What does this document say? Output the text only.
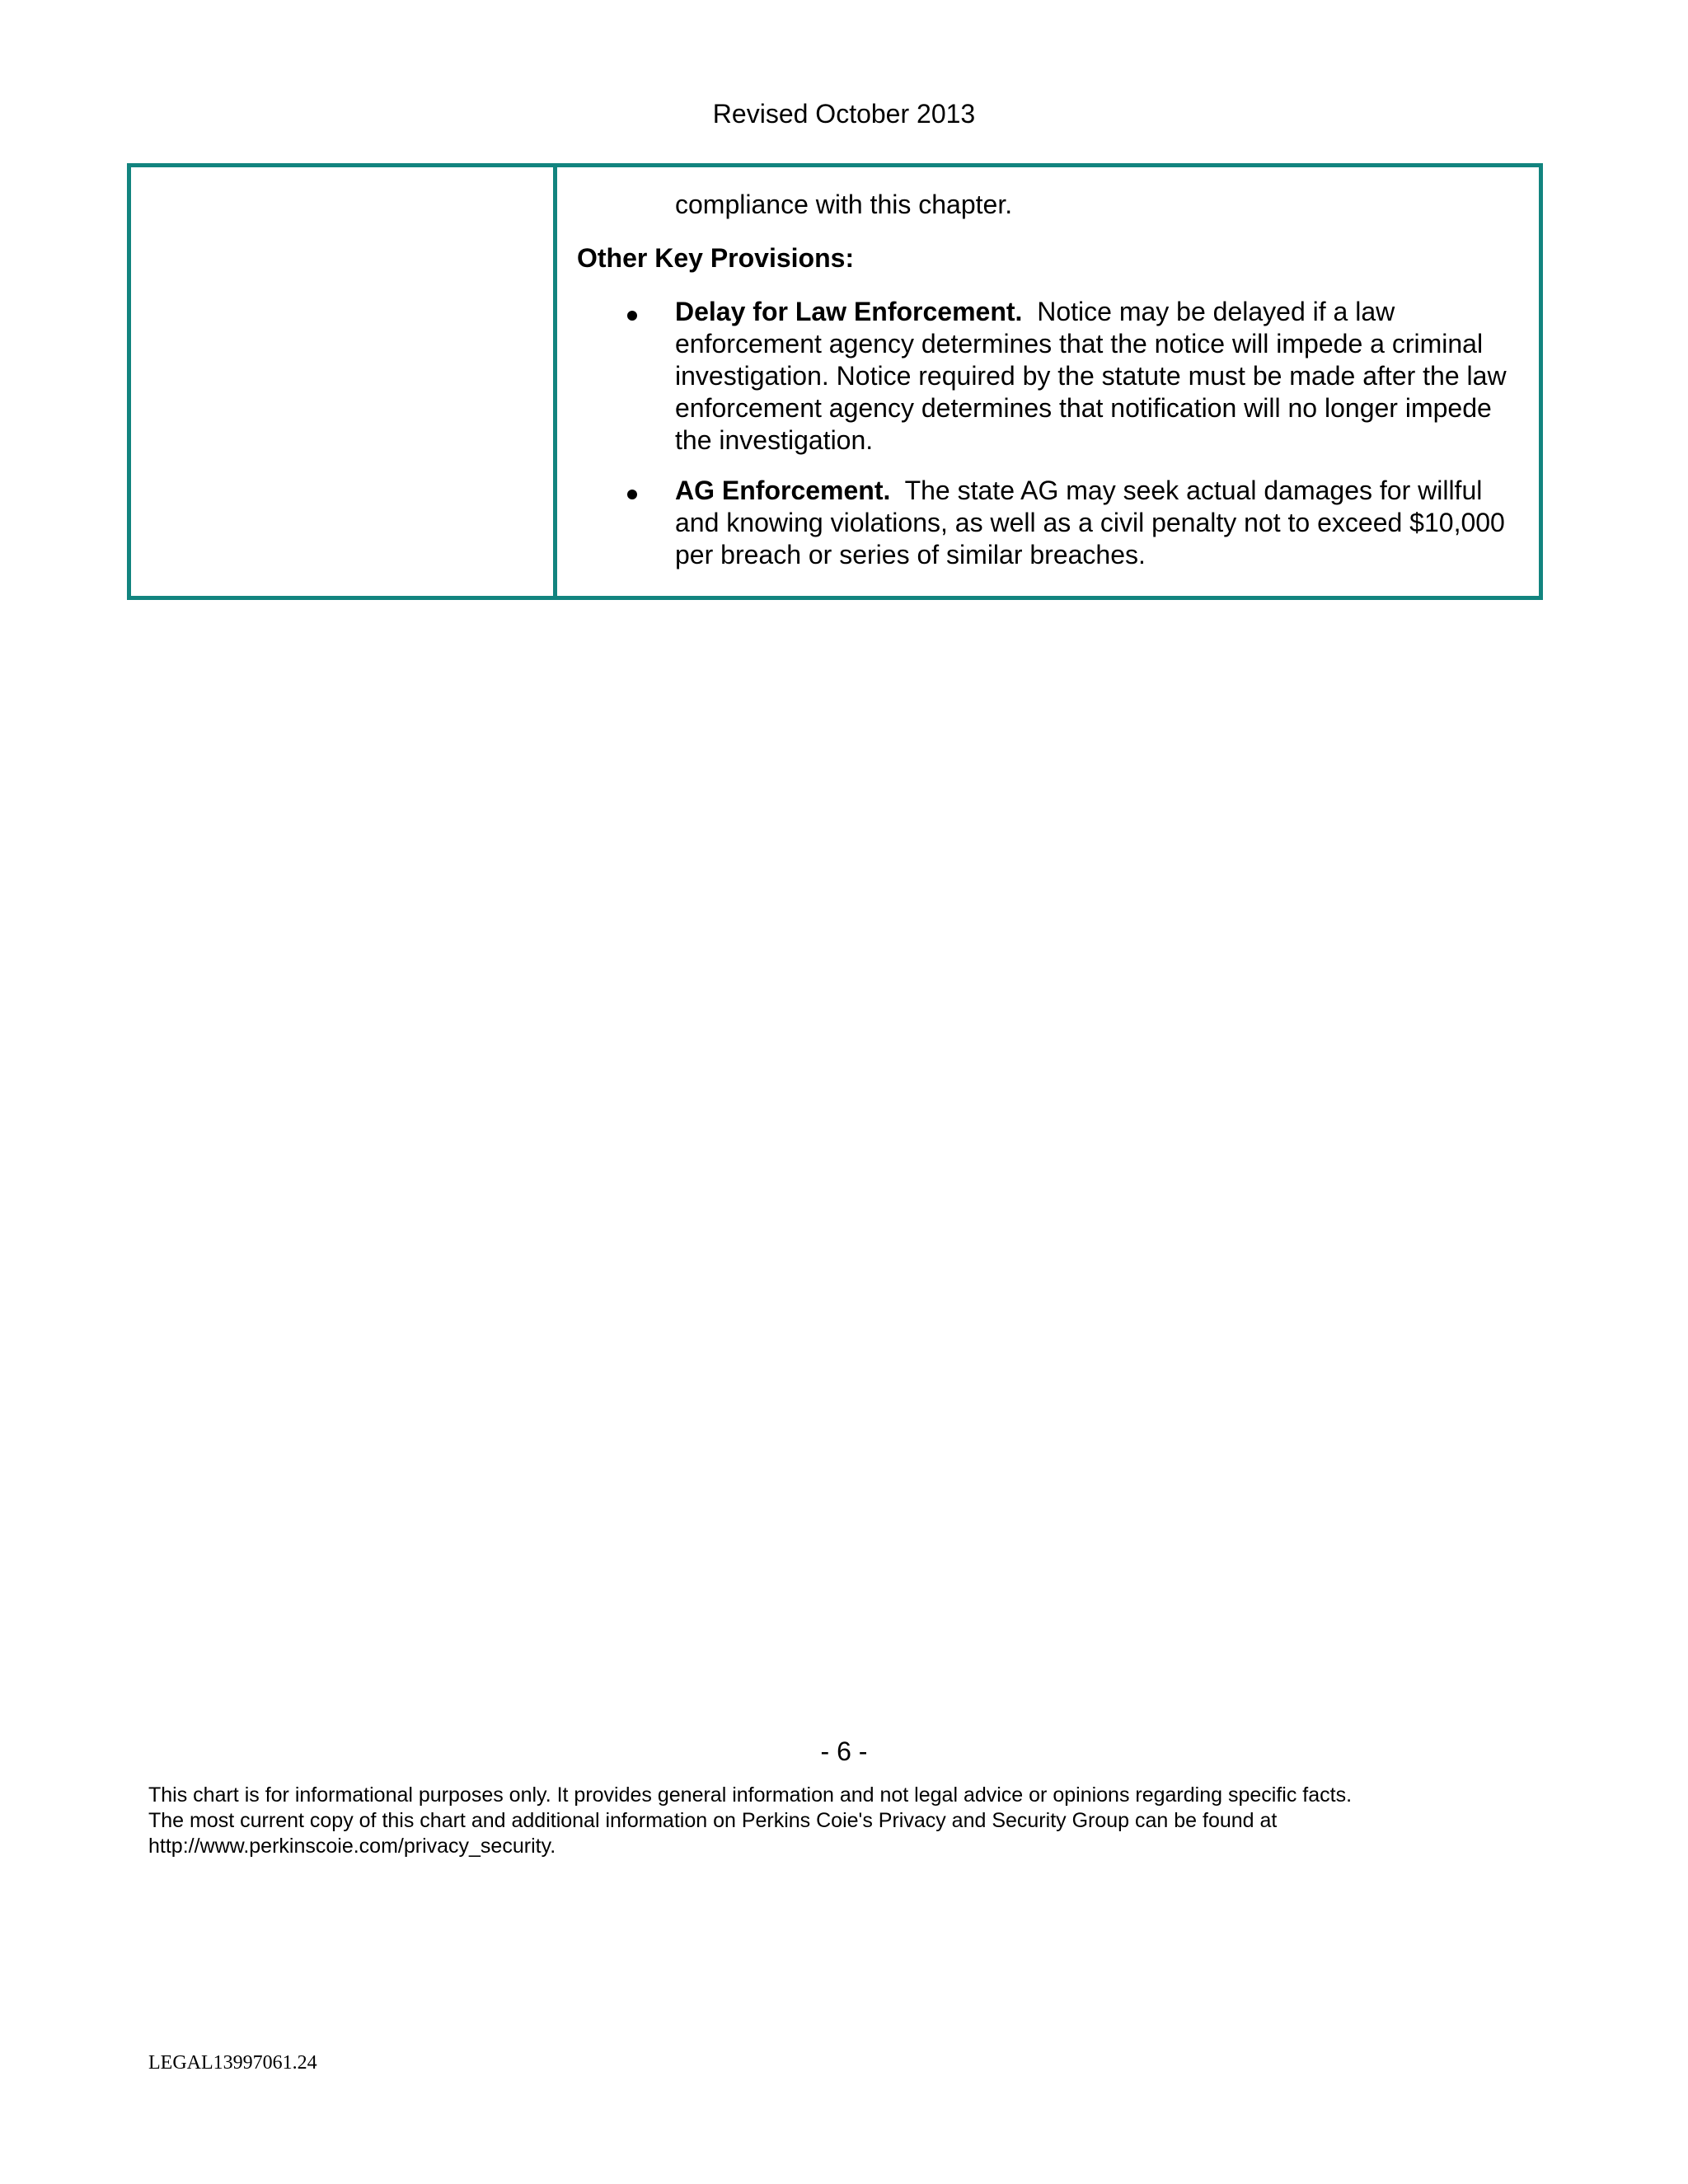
Revised October 2013
compliance with this chapter.
Other Key Provisions:
Delay for Law Enforcement. Notice may be delayed if a law enforcement agency determines that the notice will impede a criminal investigation. Notice required by the statute must be made after the law enforcement agency determines that notification will no longer impede the investigation.
AG Enforcement. The state AG may seek actual damages for willful and knowing violations, as well as a civil penalty not to exceed $10,000 per breach or series of similar breaches.
- 6 -
This chart is for informational purposes only. It provides general information and not legal advice or opinions regarding specific facts.
The most current copy of this chart and additional information on Perkins Coie's Privacy and Security Group can be found at
http://www.perkinscoie.com/privacy_security.
LEGAL13997061.24
